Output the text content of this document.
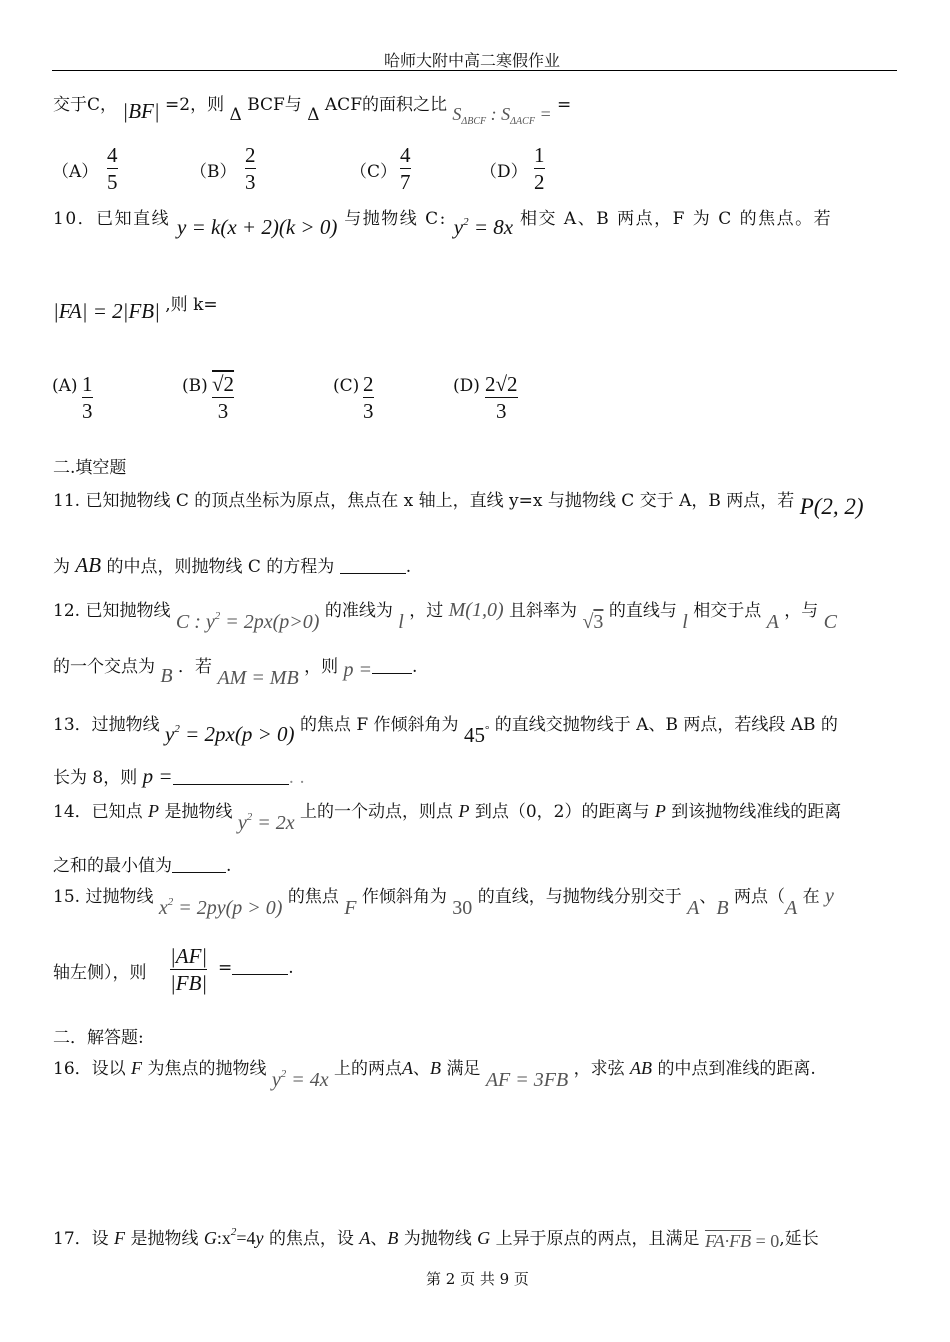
哈师大附中高二寒假作业
交于C， |BF| =2，则 Δ BCF与 Δ ACF的面积之比 $S_{\Delta BCF}$ : $S_{\Delta ACF}$ = =
（A）
4
5	（B）
2
3	（C）
4
7	（D）
1
2
10．已知直线 y = k(x + 2)(k > 0) 与抛物线 C: $y^2 = 8x$ 相交 A、B 两点，F 为 C 的焦点。若
|FA| = 2|FB| ,则 k=
(A) 1
3
(B) √2
3
(C) 2
3
(D) 2√2
3
二.填空题
11. 已知抛物线 C 的顶点坐标为原点，焦点在 x 轴上，直线 y=x 与抛物线 C 交于 A，B 两点，若 P(2, 2)
为 AB 的中点，则抛物线 C 的方程为	.
12. 已知抛物线 C : $y^2 = 2px(p>0)$ 的准线为 l ，过 M(1,0) 且斜率为 √3 的直线与 l 相交于点 A ，与 C
的一个交点为 B ．若 AM = MB ，则 p = .
13．过抛物线 $y^2 = 2px(p > 0)$ 的焦点 F 作倾斜角为 45° 的直线交抛物线于 A、B 两点，若线段 AB 的
长为 8，则 p =	. .
14．已知点 P 是抛物线 $y^2 = 2x$ 上的一个动点，则点 P 到点（0，2）的距离与 P 到该抛物线准线的距离
之和的最小值为	.
15. 过抛物线 $x^2 = 2py(p > 0)$ 的焦点 F 作倾斜角为 30 的直线，与抛物线分别交于 A、B 两点（A 在 y
轴左侧），则
|AF|
|FB|
=	.
二．解答题:
16．设以 F 为焦点的抛物线 $y^2 = 4x$ 上的两点A、B 满足 AF = 3FB ，求弦 AB 的中点到准线的距离.
17．设 F 是抛物线 $G:x^2=4y$ 的焦点，设 A、B 为抛物线 G 上异于原点的两点，且满足 FA·FB = 0,延长
第 2 页 共 9 页
